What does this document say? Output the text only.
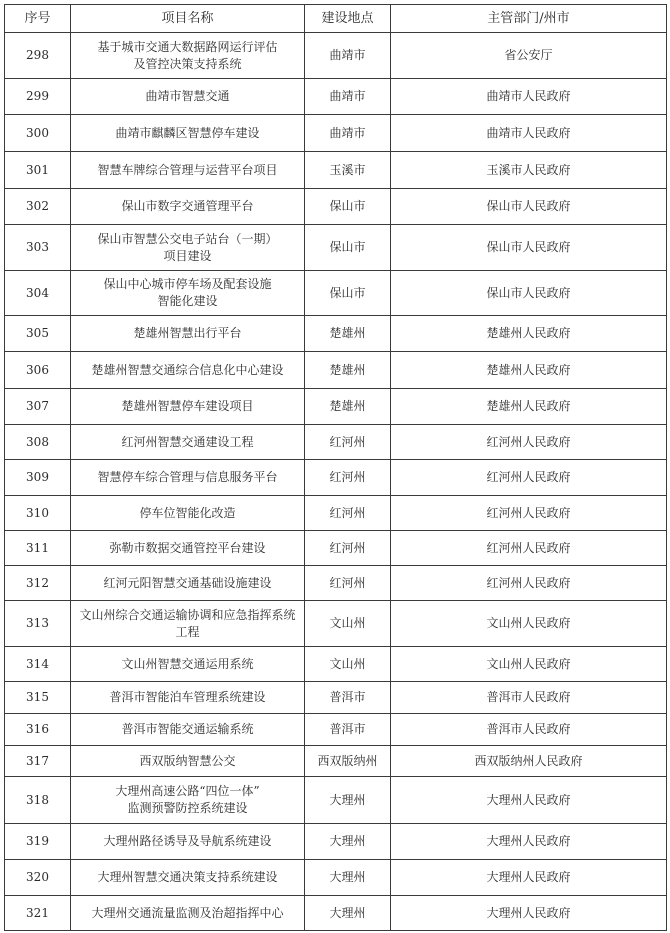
序号	项目名称	建设地点	主管部门/州市
298	基于城市交通大数据路网运行评估
及管控决策支持系统	曲靖市	省公安厅
299	曲靖市智慧交通	曲靖市	曲靖市人民政府
300	曲靖市麒麟区智慧停车建设	曲靖市	曲靖市人民政府
301	智慧车牌综合管理与运营平台项目	玉溪市	玉溪市人民政府
302	保山市数字交通管理平台	保山市	保山市人民政府
303	保山市智慧公交电子站台（一期）
项目建设	保山市	保山市人民政府
304	保山中心城市停车场及配套设施
智能化建设	保山市	保山市人民政府
305	楚雄州智慧出行平台	楚雄州	楚雄州人民政府
306	楚雄州智慧交通综合信息化中心建设	楚雄州	楚雄州人民政府
307	楚雄州智慧停车建设项目	楚雄州	楚雄州人民政府
308	红河州智慧交通建设工程	红河州	红河州人民政府
309	智慧停车综合管理与信息服务平台	红河州	红河州人民政府
310	停车位智能化改造	红河州	红河州人民政府
311	弥勒市数据交通管控平台建设	红河州	红河州人民政府
312	红河元阳智慧交通基础设施建设	红河州	红河州人民政府
313	文山州综合交通运输协调和应急指挥系统
工程	文山州	文山州人民政府
314	文山州智慧交通运用系统	文山州	文山州人民政府
315	普洱市智能泊车管理系统建设	普洱市	普洱市人民政府
316	普洱市智能交通运输系统	普洱市	普洱市人民政府
317	西双版纳智慧公交	西双版纳州	西双版纳州人民政府
318	大理州高速公路“四位一体”
监测预警防控系统建设	大理州	大理州人民政府
319	大理州路径诱导及导航系统建设	大理州	大理州人民政府
320	大理州智慧交通决策支持系统建设	大理州	大理州人民政府
321	大理州交通流量监测及治超指挥中心	大理州	大理州人民政府
